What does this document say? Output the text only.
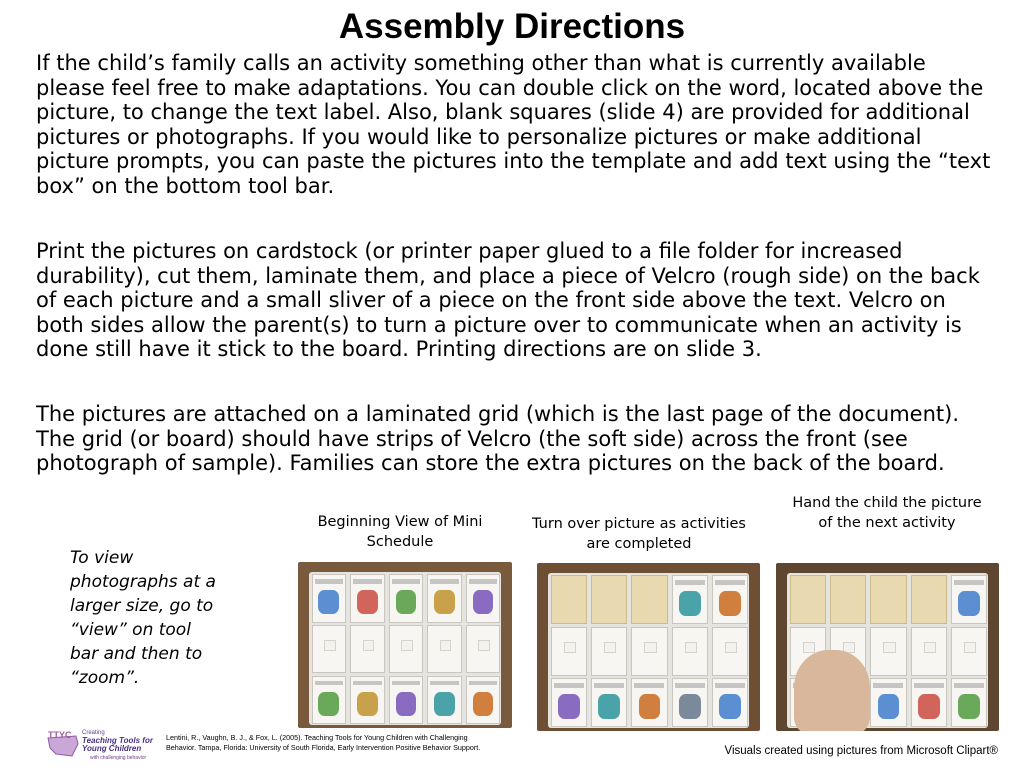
Assembly Directions

If the child’s family calls an activity something other than what is currently available please feel free to make adaptations. You can double click on the word, located above the picture, to change the text label. Also, blank squares (slide 4) are provided for additional pictures or photographs. If you would like to personalize pictures or make additional picture prompts, you can paste the pictures into the template and add text using the “text box” on the bottom tool bar.

Print the pictures on cardstock (or printer paper glued to a file folder for increased durability), cut them, laminate them, and place a piece of Velcro (rough side) on the back of each picture and a small sliver of a piece on the front side above the text. Velcro on both sides allow the parent(s) to turn a picture over to communicate when an activity is done still have it stick to the board. Printing directions are on slide 3.

The pictures are attached on a laminated grid (which is the last page of the document). The grid (or board) should have strips of Velcro (the soft side) across the front (see photograph of sample). Families can store the extra pictures on the back of the board.

To view photographs at a larger size, go to “view” on tool bar and then to “zoom”.
Beginning View of Mini Schedule
Turn over picture as activities are completed
Hand the child the picture of the next activity
TTYC Creating
Teaching Tools for Young Children
with challenging behavior
Lentini, R., Vaughn, B. J., & Fox, L. (2005). Teaching Tools for Young Children with Challenging Behavior. Tampa, Florida: University of South Florida, Early Intervention Positive Behavior Support.	Visuals created using pictures from Microsoft Clipart®
